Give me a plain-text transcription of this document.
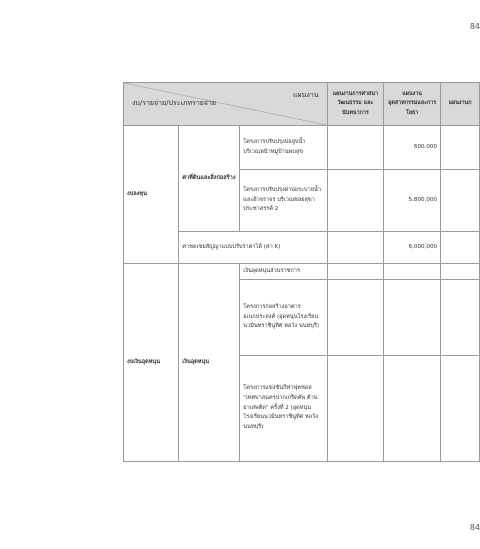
84
แผนงาน
งบ/รายจ่าย/ประเภทรายจ่าย			แผนงานการศาสนา วัฒนธรรม และนันทนาการ	แผนงาน อุตสาหกรรมและการโยธา	แผนงานก
งบลงทุน	ค่าที่ดินและสิ่งก่อสร้าง	โครงการปรับปรุงบ่อสูบน้ำ บริเวณหน้าหมู่บ้านพบสุข		600,000	
		โครงการปรับปรุงฝาบ่อระบายน้ำและผิวจราจร บริเวณซอยสุขาประชาสรรค์ 2		5,800,000	
	ค่าชดเชยสัญญาแบบปรับราคาได้ (ค่า K)			6,000,000	
งบเงินอุดหนุน	เงินอุดหนุน	เงินอุดหนุนส่วนราชการ			
		โครงการก่อสร้างอาคารอเนกประสงค์ (อุดหนุนโรงเรียนนวมินทราชินูทิศ หอวัง นนทบุรี)			
		โครงการแข่งขันกีฬาฟุตซอล "เทศบาลนครปากเกร็ดคัพ ต้านยาเสพติด" ครั้งที่ 2 (อุดหนุนโรงเรียนนวมินทราชินูทิศ หอวัง นนทบุรี)			
84
